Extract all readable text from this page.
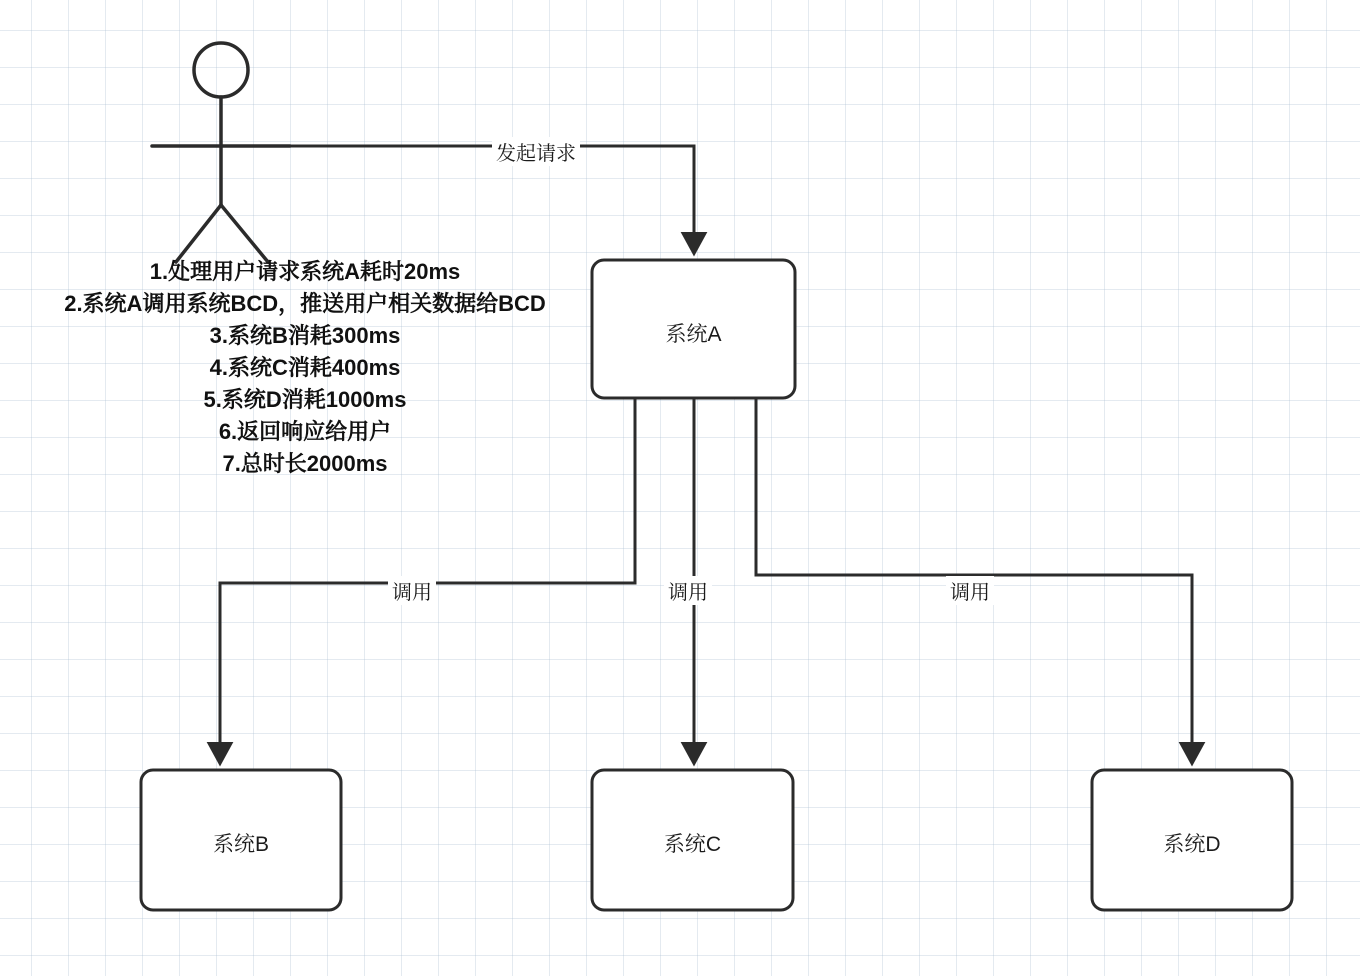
系统A
系统B	系统C	系统D
发起请求
调用	调用	调用
1.处理用户请求系统A耗时20ms
2.系统A调用系统BCD，推送用户相关数据给BCD
3.系统B消耗300ms
4.系统C消耗400ms
5.系统D消耗1000ms
6.返回响应给用户
7.总时长2000ms
